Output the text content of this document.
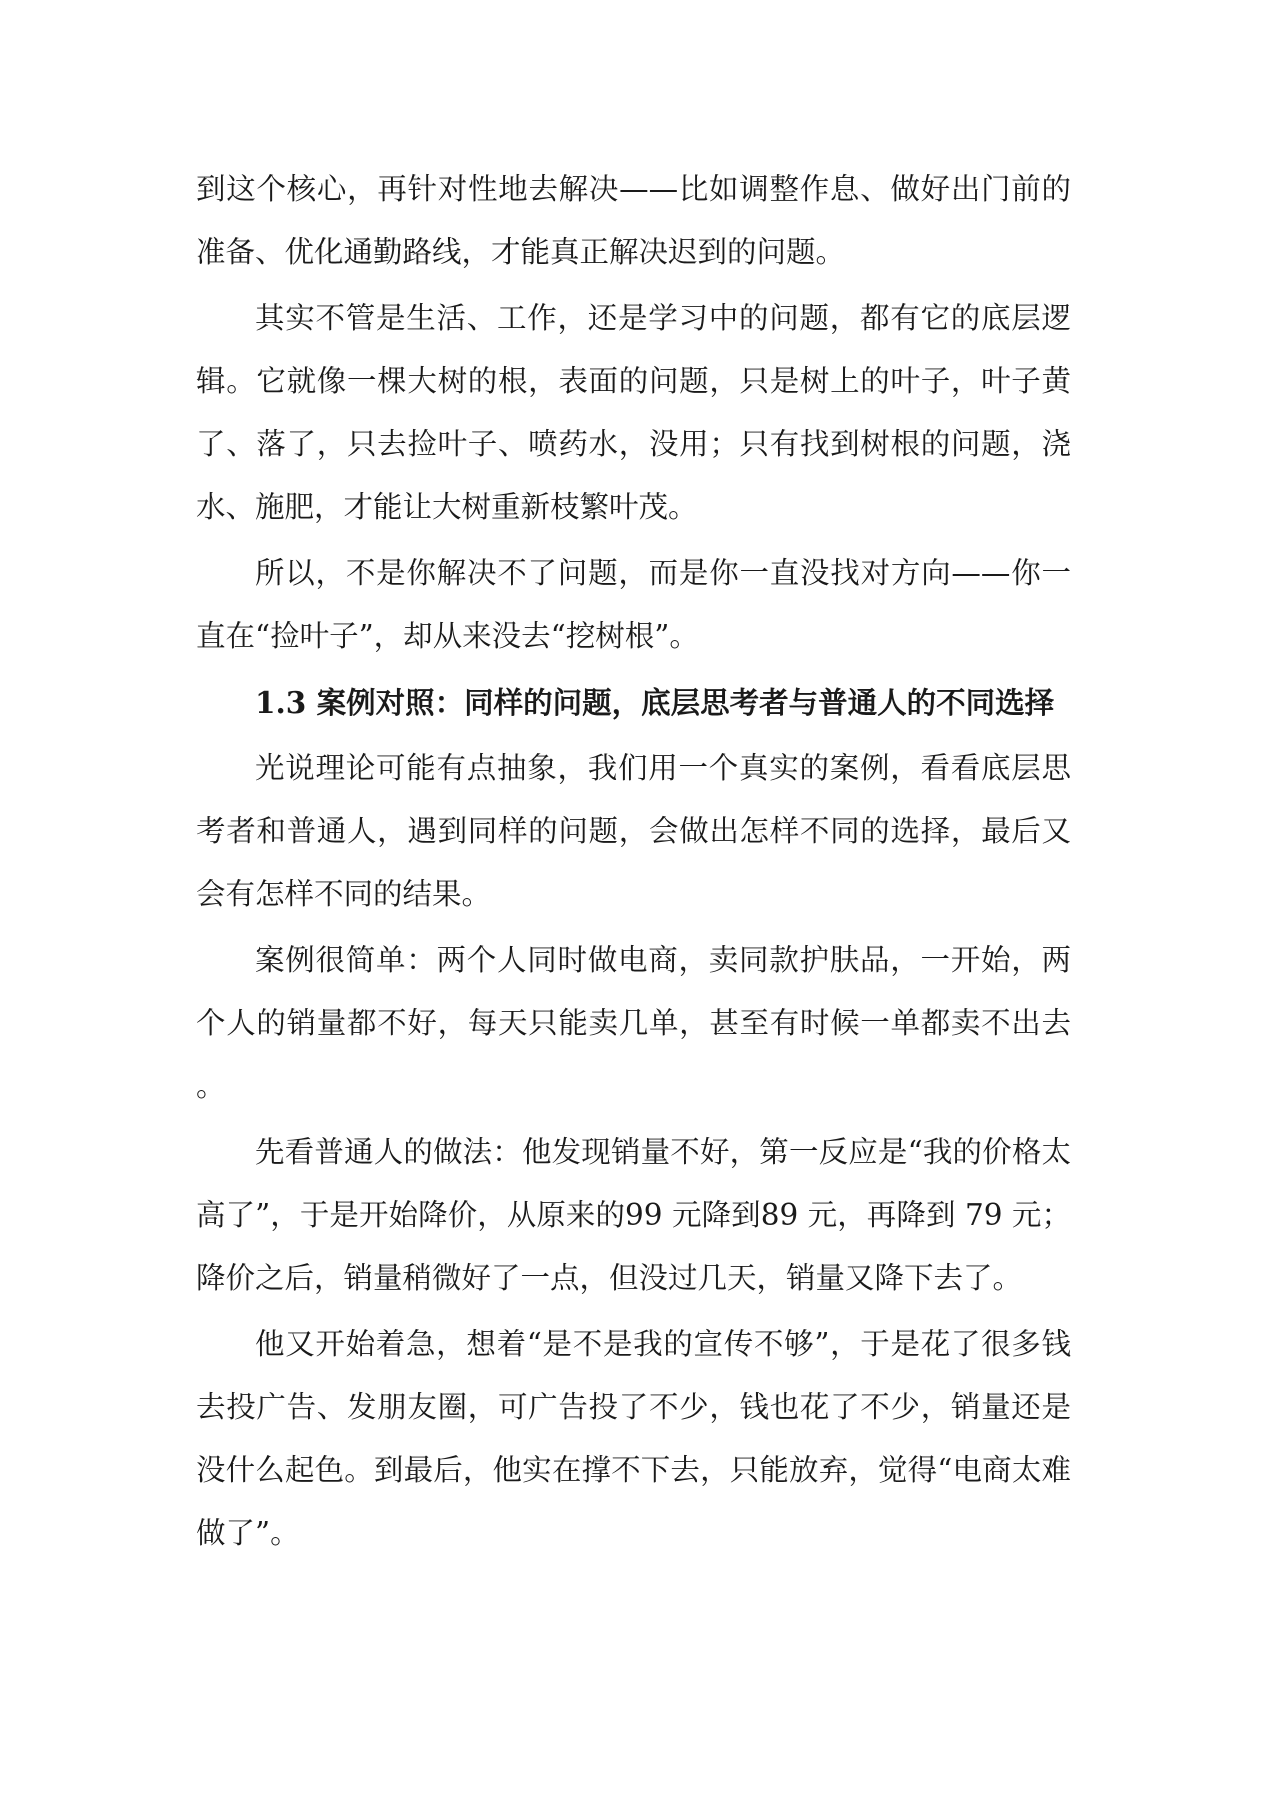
到这个核心，再针对性地去解决——比如调整作息、做好出门前的准备、优化通勤路线，才能真正解决迟到的问题。

其实不管是生活、工作，还是学习中的问题，都有它的底层逻辑。它就像一棵大树的根，表面的问题，只是树上的叶子，叶子黄了、落了，只去捡叶子、喷药水，没用；只有找到树根的问题，浇水、施肥，才能让大树重新枝繁叶茂。

所以，不是你解决不了问题，而是你一直没找对方向——你一直在“捡叶子”，却从来没去“挖树根”。

1.3 案例对照：同样的问题，底层思考者与普通人的不同选择

光说理论可能有点抽象，我们用一个真实的案例，看看底层思考者和普通人，遇到同样的问题，会做出怎样不同的选择，最后又会有怎样不同的结果。

案例很简单：两个人同时做电商，卖同款护肤品，一开始，两个人的销量都不好，每天只能卖几单，甚至有时候一单都卖不出去。

先看普通人的做法：他发现销量不好，第一反应是“我的价格太高了”，于是开始降价，从原来的99 元降到89 元，再降到 79 元；降价之后，销量稍微好了一点，但没过几天，销量又降下去了。

他又开始着急，想着“是不是我的宣传不够”，于是花了很多钱去投广告、发朋友圈，可广告投了不少，钱也花了不少，销量还是没什么起色。到最后，他实在撑不下去，只能放弃，觉得“电商太难做了”。
